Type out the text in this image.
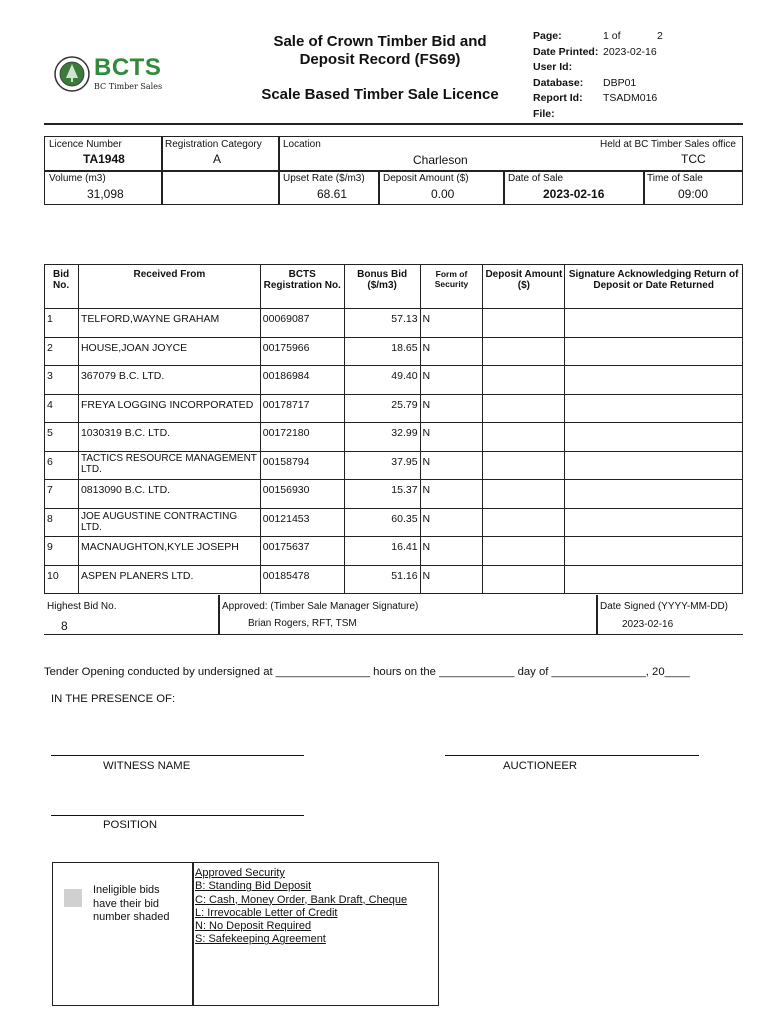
BCTS
BC Timber Sales
Sale of Crown Timber Bid and
Deposit Record (FS69)
Scale Based Timber Sale Licence
Page:	1 of	2
Date Printed: 2023-02-16
User Id:
Database: DBP01
Report Id: TSADM016
File:
Licence Number
TA1948
Registration Category
A
Location
Charleson
Held at BC Timber Sales office
TCC
Volume (m3)
31,098
Upset Rate ($/m3)
68.61
Deposit Amount ($)
0.00
Date of Sale
2023-02-16
Time of Sale
09:00
Bid No.	Received From	BCTS Registration No.	Bonus Bid ($/m3)	Form of Security	Deposit Amount ($)	Signature Acknowledging Return of Deposit or Date Returned
1	TELFORD,WAYNE GRAHAM	00069087	57.13	N		
2	HOUSE,JOAN JOYCE	00175966	18.65	N		
3	367079 B.C. LTD.	00186984	49.40	N		
4	FREYA LOGGING INCORPORATED	00178717	25.79	N		
5	1030319 B.C. LTD.	00172180	32.99	N		
6	TACTICS RESOURCE MANAGEMENT LTD.	00158794	37.95	N		
7	0813090 B.C. LTD.	00156930	15.37	N		
8	JOE AUGUSTINE CONTRACTING LTD.	00121453	60.35	N		
9	MACNAUGHTON,KYLE JOSEPH	00175637	16.41	N		
10	ASPEN PLANERS LTD.	00185478	51.16	N		
Highest Bid No.
8
Approved: (Timber Sale Manager Signature)
Brian Rogers, RFT, TSM
Date Signed (YYYY-MM-DD)
2023-02-16
Tender Opening conducted by undersigned at _______________ hours on the ____________ day of _______________, 20____
IN THE PRESENCE OF:
WITNESS NAME	AUCTIONEER
POSITION
Ineligible bids have their bid number shaded
Approved Security
B: Standing Bid Deposit
C: Cash, Money Order, Bank Draft, Cheque
L: Irrevocable Letter of Credit
N: No Deposit Required
S: Safekeeping Agreement
